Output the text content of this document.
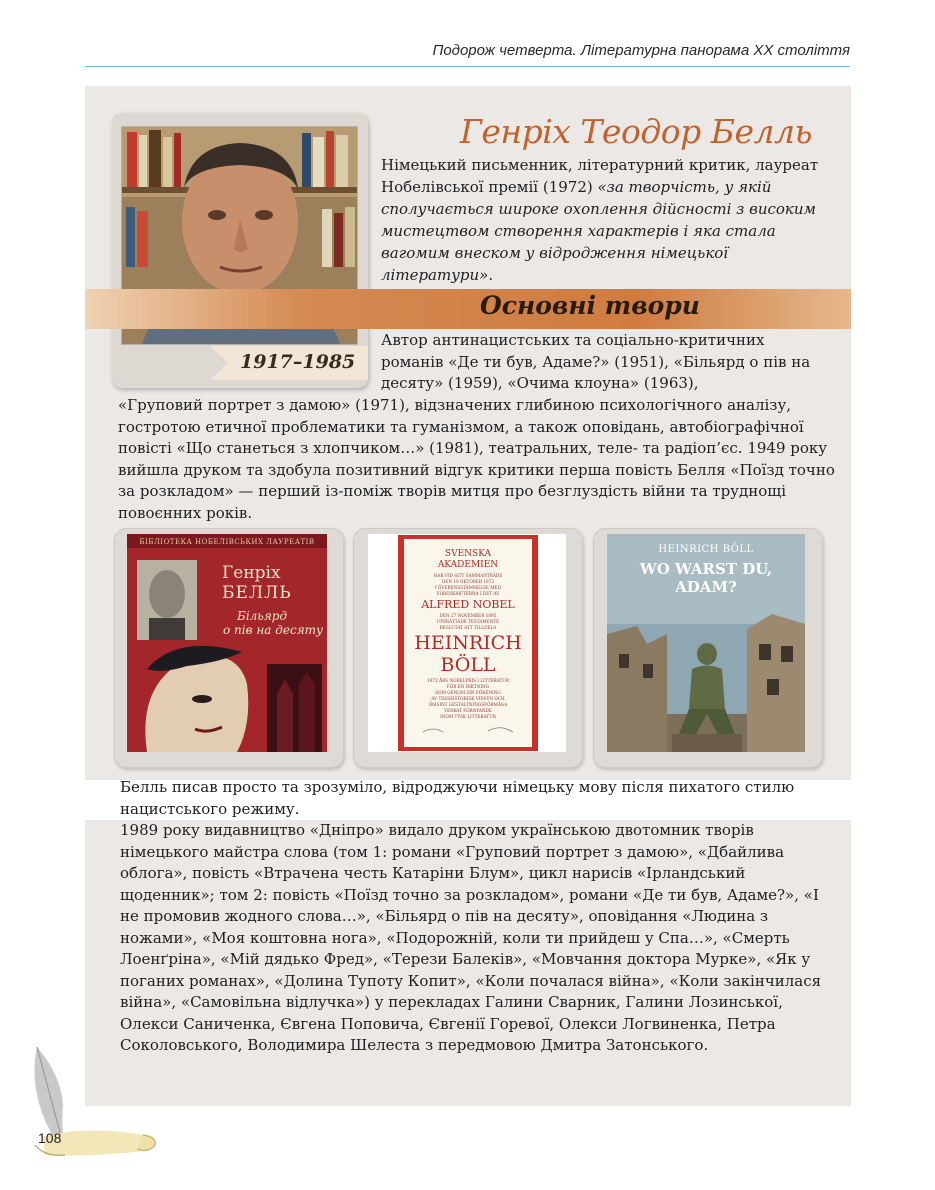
Подорож четверта. Літературна панорама XX століття
1917–1985
Генріх Теодор Белль
Німецький письменник, літературний критик, лауреат Нобелівської премії (1972) «за творчість, у якій сполучається широке охоплення дійсності з високим мистецтвом створення характерів і яка стала вагомим внеском у відродження німецької літератури».
Основні твори
Автор антинацистських та соціально-критичних романів «Де ти був, Адаме?» (1951), «Більярд о пів на десяту» (1959), «Очима клоуна» (1963),
«Груповий портрет з дамою» (1971), відзначених глибиною психологічного аналізу, гостротою етичної проблематики та гуманізмом, а також оповідань, автобіографічної повісті «Що станеться з хлопчиком…» (1981), театральних, теле- та радіоп’єс. 1949 року вийшла друком та здобула позитивний відгук критики перша повість Белля «Поїзд точно за розкладом» — перший із-поміж творів митця про безглуздість війни та труднощі повоєнних років.
БІБЛІОТЕКА НОБЕЛІВСЬКИХ ЛАУРЕАТІВ
Генріх
БЕЛЛЬ
Більярд
о пів на десяту
SVENSKA
AKADEMIEN
HAR VID SITT SAMMANTRÄDE
DEN 19 OKTOBER 1972
I ÖVERENSSTÄMMELSE MED
FÖRESKRIFTERNA I DET AV
ALFRED NOBEL
DEN 27 NOVEMBER 1895
UPPRÄTTADE TESTAMENTE
BESLUTAT ATT TILLDELA
HEINRICH
BÖLL
1972 ÅRS NOBELPRIS I LITTERATUR
FÖR EN DIKTNING
SOM GENOM SIN FÖRENING
AV TIDSHISTORISK VIDSYN OCH
ÖMSINT GESTALTNINGSFÖRMÅGA
VERKAT FÖRNYANDE
INOM TYSK LITTERATUR
HEINRICH BÖLL
WO WARST DU,
ADAM?
Белль писав просто та зрозуміло, відроджуючи німецьку мову після пихатого стилю нацистського режиму.
1989 року видавництво «Дніпро» видало друком українською двотомник творів німецького майстра слова (том 1: романи «Груповий портрет з дамою», «Дбайлива облога», повість «Втрачена честь Катаріни Блум», цикл нарисів «Ірландський щоденник»; том 2: повість «Поїзд точно за розкладом», романи «Де ти був, Адаме?», «І не промовив жодного слова…», «Більярд о пів на десяту», оповідання «Людина з ножами», «Моя коштовна нога», «Подорожній, коли ти прийдеш у Спа…», «Смерть Лоенґріна», «Мій дядько Фред», «Терези Балеків», «Мовчання доктора Мурке», «Як у поганих романах», «Долина Тупоту Копит», «Коли почалася війна», «Коли закінчилася війна», «Самовільна відлучка») у перекладах Галини Сварник, Галини Лозинської, Олекси Саниченка, Євгена Поповича, Євгенії Горевої, Олекси Логвиненка, Петра Соколовського, Володимира Шелеста з передмовою Дмитра Затонського.
108
